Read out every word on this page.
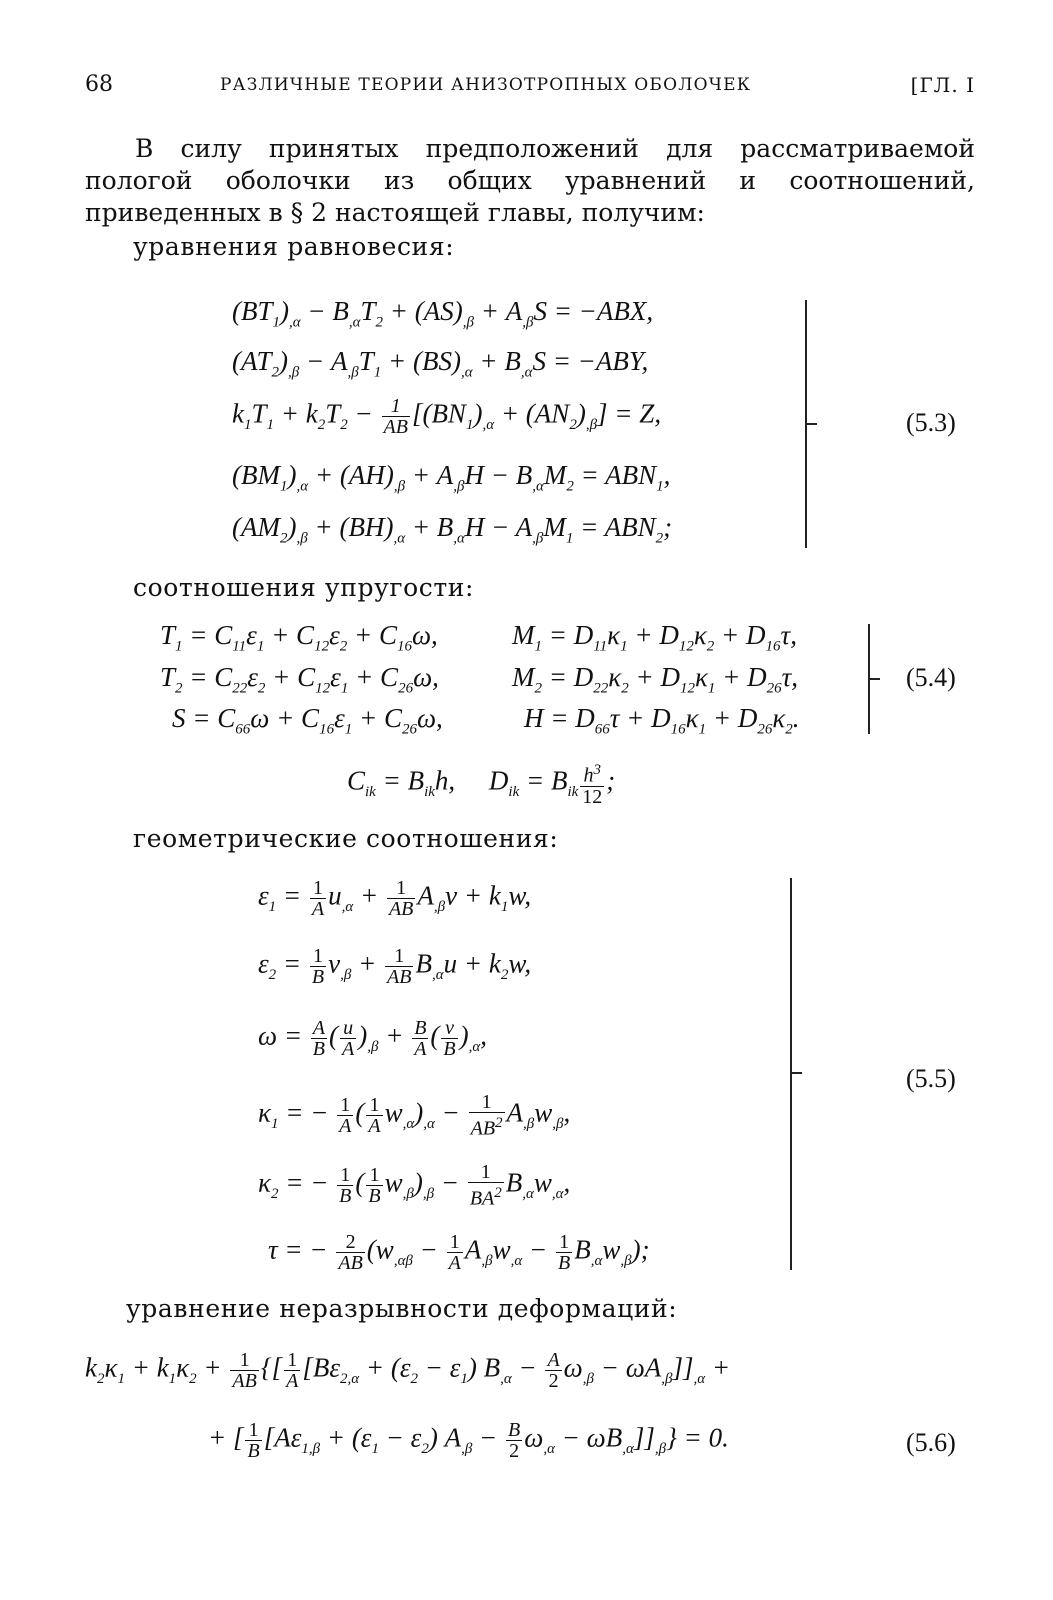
68	РАЗЛИЧНЫЕ ТЕОРИИ АНИЗОТРОПНЫХ ОБОЛОЧЕК	[ГЛ. I
В силу принятых предположений для рассматриваемой пологой оболочки из общих уравнений и соотношений, приведенных в § 2 настоящей главы, получим:
уравнения равновесия:
$(BT_1)_{,\alpha} - B_{,\alpha}T_2 + (AS)_{,\beta} + A_{,\beta}S = -ABX$,
$(AT_2)_{,\beta} - A_{,\beta}T_1 + (BS)_{,\alpha} + B_{,\alpha}S = -ABY$,
$k_1T_1 + k_2T_2 - \frac{1}{AB} [(BN_1)_{,\alpha} + (AN_2)_{,\beta}] = Z$,
$(BM_1)_{,\alpha} + (AH)_{,\beta} + A_{,\beta}H - B_{,\alpha}M_2 = ABN_1$,
$(AM_2)_{,\beta} + (BH)_{,\alpha} + B_{,\alpha}H - A_{,\beta}M_1 = ABN_2$;
(5.3)
соотношения упругости:
$T_1 = C_{11}\varepsilon_1 + C_{12}\varepsilon_2 + C_{16}\omega$,	$M_1 = D_{11}\kappa_1 + D_{12}\kappa_2 + D_{16}\tau$,
$T_2 = C_{22}\varepsilon_2 + C_{12}\varepsilon_1 + C_{26}\omega$,	$M_2 = D_{22}\kappa_2 + D_{12}\kappa_1 + D_{26}\tau$,
$S = C_{66}\omega + C_{16}\varepsilon_1 + C_{26}\omega$,	$H = D_{66}\tau + D_{16}\kappa_1 + D_{26}\kappa_2$.
(5.4)
$C_{ik} = B_{ik}h$,     $D_{ik} = B_{ik} \frac{h^3}{12}$ ;
геометрические соотношения:
$\varepsilon_1 = \frac{1}{A} u_{,\alpha} + \frac{1}{AB} A_{,\beta}v + k_1w$,
$\varepsilon_2 = \frac{1}{B} v_{,\beta} + \frac{1}{AB} B_{,\alpha}u + k_2w$,
$\omega = \frac{A}{B}$ ( $\frac{u}{A} )_{,\beta} + \frac{B}{A}$ ( $\frac{v}{B} )_{,\alpha}$,
$\kappa_1$ = − $\frac{1}{A}$ ( $\frac{1}{A} w_{,\alpha})_{,\alpha} - \frac{1}{AB^2} A_{,\beta}w_{,\beta}$,
$\kappa_2$ = − $\frac{1}{B}$ ( $\frac{1}{B} w_{,\beta})_{,\beta} - \frac{1}{BA^2} B_{,\alpha}w_{,\alpha}$,
τ = − $\frac{2}{AB} (w_{,\alpha\beta} - \frac{1}{A} A_{,\beta}w_{,\alpha} - \frac{1}{B} B_{,\alpha}w_{,\beta})$;
(5.5)
уравнение неразрывности деформаций:
$k_2\kappa_1 + k_1\kappa_2 + \frac{1}{AB}$ {[ $\frac{1}{A} [B\varepsilon_{2,\alpha} + (\varepsilon_2 - \varepsilon_1) B_{,\alpha} - \frac{A}{2} \omega_{,\beta} - \omega A_{,\beta}]]_{,\alpha}$ +
+ [ $\frac{1}{B} [A\varepsilon_{1,\beta} + (\varepsilon_1 - \varepsilon_2) A_{,\beta} - \frac{B}{2} \omega_{,\alpha} - \omega B_{,\alpha}]]_{,\beta}\} = 0$.	(5.6)
